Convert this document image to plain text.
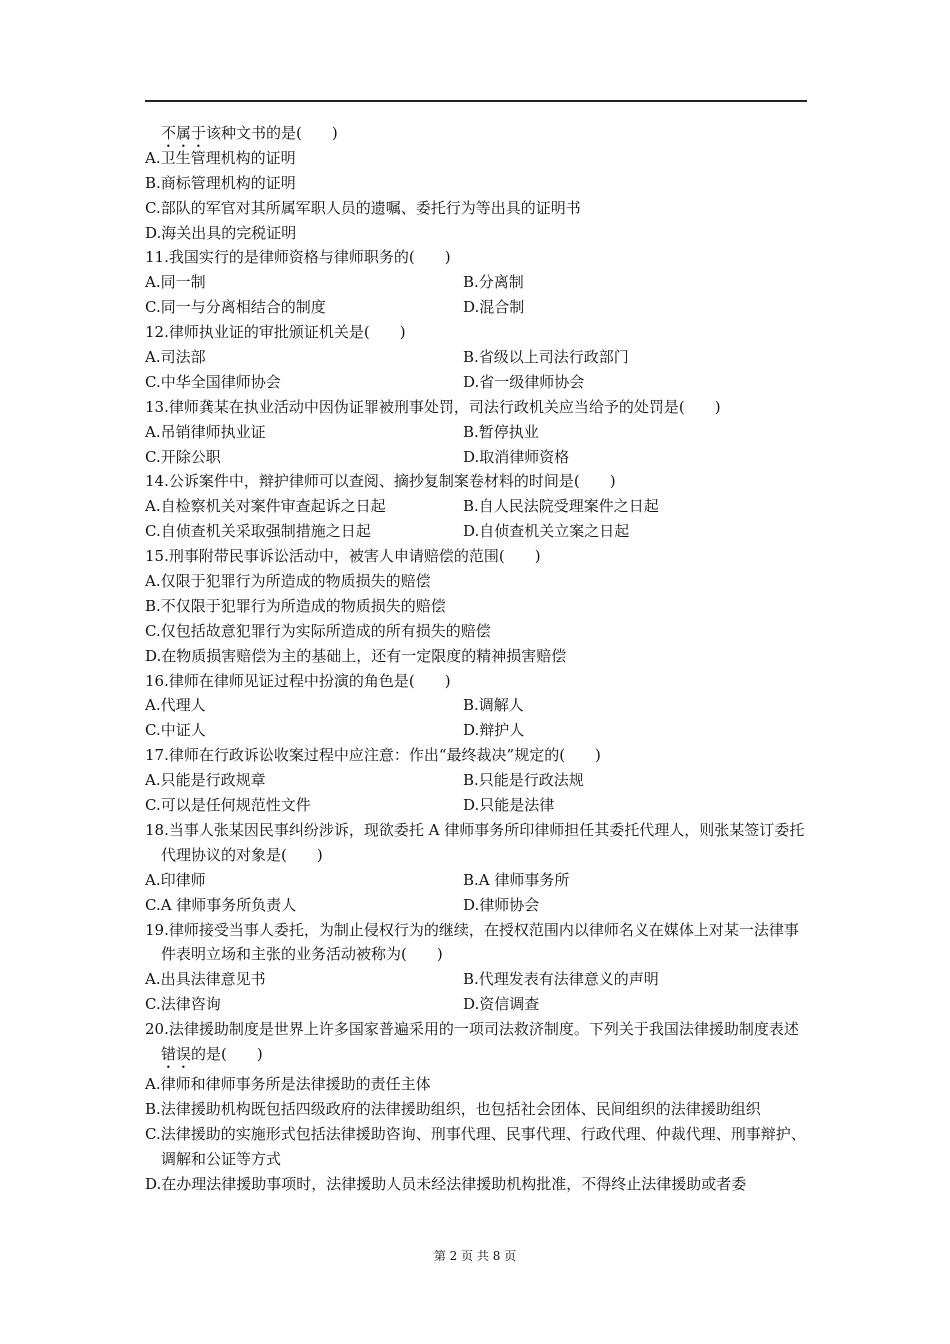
不属于该种文书的是(　　)
A.卫生管理机构的证明
B.商标管理机构的证明
C.部队的军官对其所属军职人员的遗嘱、委托行为等出具的证明书
D.海关出具的完税证明
11.我国实行的是律师资格与律师职务的(　　)
A.同一制	B.分离制
C.同一与分离相结合的制度	D.混合制
12.律师执业证的审批颁证机关是(　　)
A.司法部	B.省级以上司法行政部门
C.中华全国律师协会	D.省一级律师协会
13.律师龚某在执业活动中因伪证罪被刑事处罚，司法行政机关应当给予的处罚是(　　)
A.吊销律师执业证	B.暂停执业
C.开除公职	D.取消律师资格
14.公诉案件中，辩护律师可以查阅、摘抄复制案卷材料的时间是(　　)
A.自检察机关对案件审查起诉之日起	B.自人民法院受理案件之日起
C.自侦查机关采取强制措施之日起	D.自侦查机关立案之日起
15.刑事附带民事诉讼活动中，被害人申请赔偿的范围(　　)
A.仅限于犯罪行为所造成的物质损失的赔偿
B.不仅限于犯罪行为所造成的物质损失的赔偿
C.仅包括故意犯罪行为实际所造成的所有损失的赔偿
D.在物质损害赔偿为主的基础上，还有一定限度的精神损害赔偿
16.律师在律师见证过程中扮演的角色是(　　)
A.代理人	B.调解人
C.中证人	D.辩护人
17.律师在行政诉讼收案过程中应注意：作出“最终裁决”规定的(　　)
A.只能是行政规章	B.只能是行政法规
C.可以是任何规范性文件	D.只能是法律
18.当事人张某因民事纠纷涉诉，现欲委托 A 律师事务所印律师担任其委托代理人，则张某签订委托代理协议的对象是(　　)
A.印律师	B.A 律师事务所
C.A 律师事务所负责人	D.律师协会
19.律师接受当事人委托，为制止侵权行为的继续，在授权范围内以律师名义在媒体上对某一法律事件表明立场和主张的业务活动被称为(　　)
A.出具法律意见书	B.代理发表有法律意义的声明
C.法律咨询	D.资信调查
20.法律援助制度是世界上许多国家普遍采用的一项司法救济制度。下列关于我国法律援助制度表述错误的是(　　)
A.律师和律师事务所是法律援助的责任主体
B.法律援助机构既包括四级政府的法律援助组织，也包括社会团体、民间组织的法律援助组织
C.法律援助的实施形式包括法律援助咨询、刑事代理、民事代理、行政代理、仲裁代理、刑事辩护、调解和公证等方式
D.在办理法律援助事项时，法律援助人员未经法律援助机构批准，不得终止法律援助或者委
第 2 页 共 8 页
